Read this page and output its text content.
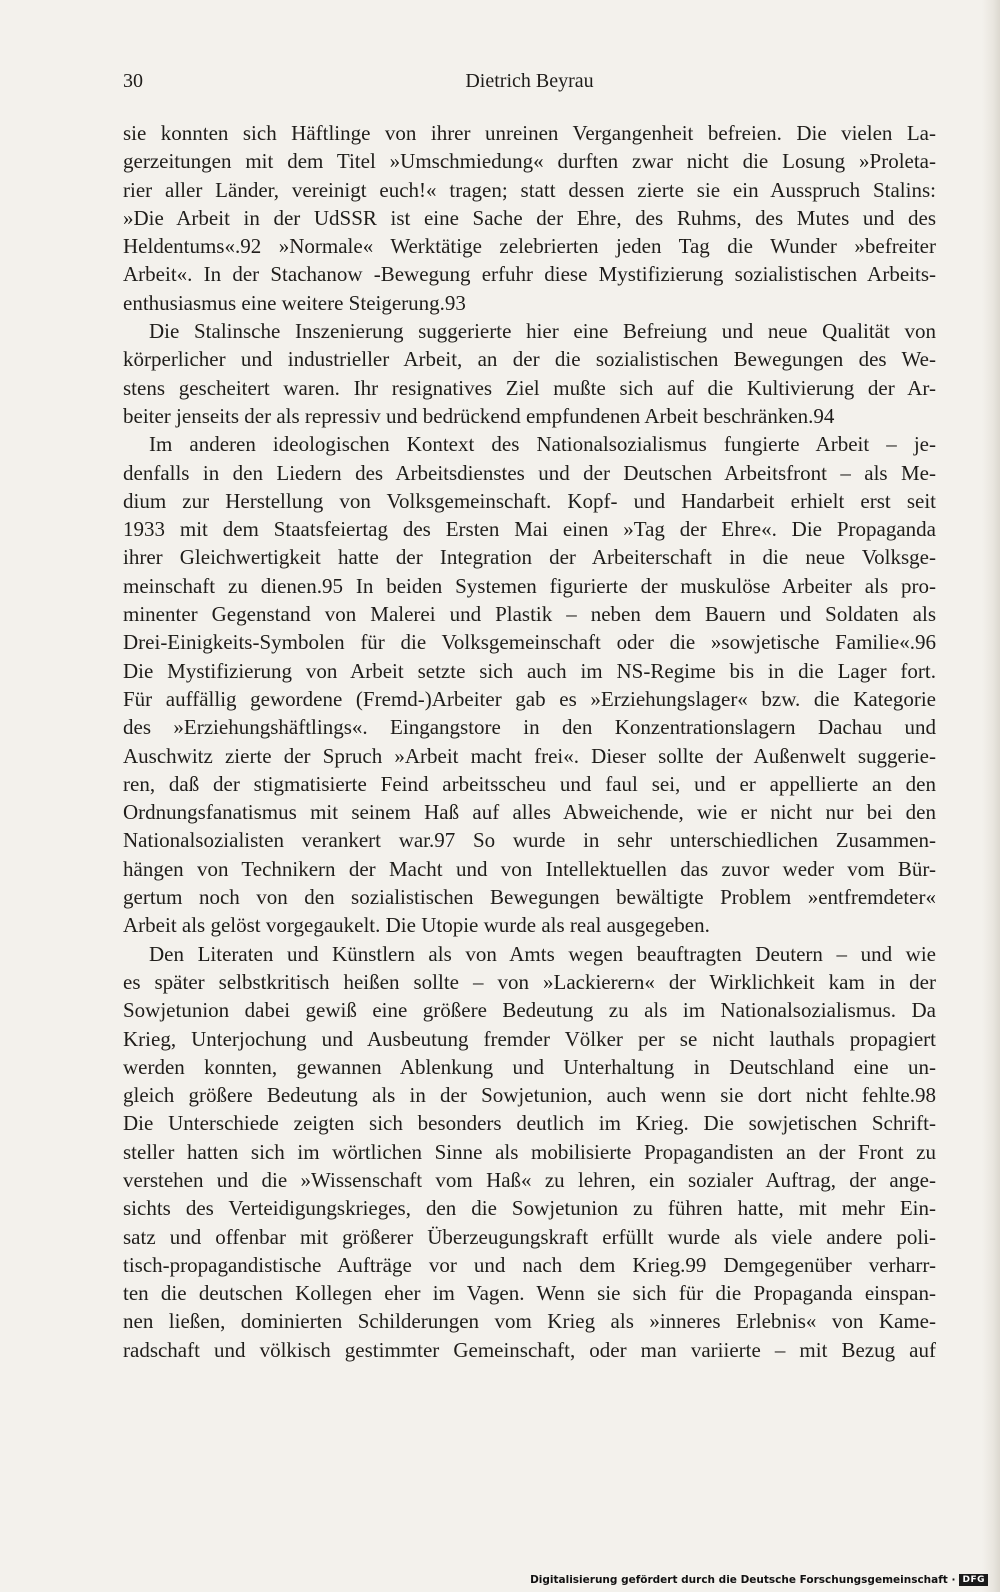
30	Dietrich Beyrau
sie konnten sich Häftlinge von ihrer unreinen Vergangenheit befreien. Die vielen La-
gerzeitungen mit dem Titel »Umschmiedung« durften zwar nicht die Losung »Proleta-
rier aller Länder, vereinigt euch!« tragen; statt dessen zierte sie ein Ausspruch Stalins:
»Die Arbeit in der UdSSR ist eine Sache der Ehre, des Ruhms, des Mutes und des
Heldentums«.92 »Normale« Werktätige zelebrierten jeden Tag die Wunder »befreiter
Arbeit«. In der Stachanow -Bewegung erfuhr diese Mystifizierung sozialistischen Arbeits-
enthusiasmus eine weitere Steigerung.93
Die Stalinsche Inszenierung suggerierte hier eine Befreiung und neue Qualität von
körperlicher und industrieller Arbeit, an der die sozialistischen Bewegungen des We-
stens gescheitert waren. Ihr resignatives Ziel mußte sich auf die Kultivierung der Ar-
beiter jenseits der als repressiv und bedrückend empfundenen Arbeit beschränken.94
Im anderen ideologischen Kontext des Nationalsozialismus fungierte Arbeit – je-
denfalls in den Liedern des Arbeitsdienstes und der Deutschen Arbeitsfront – als Me-
dium zur Herstellung von Volksgemeinschaft. Kopf- und Handarbeit erhielt erst seit
1933 mit dem Staatsfeiertag des Ersten Mai einen »Tag der Ehre«. Die Propaganda
ihrer Gleichwertigkeit hatte der Integration der Arbeiterschaft in die neue Volksge-
meinschaft zu dienen.95 In beiden Systemen figurierte der muskulöse Arbeiter als pro-
minenter Gegenstand von Malerei und Plastik – neben dem Bauern und Soldaten als
Drei-Einigkeits-Symbolen für die Volksgemeinschaft oder die »sowjetische Familie«.96
Die Mystifizierung von Arbeit setzte sich auch im NS-Regime bis in die Lager fort.
Für auffällig gewordene (Fremd-)Arbeiter gab es »Erziehungslager« bzw. die Kategorie
des »Erziehungshäftlings«. Eingangstore in den Konzentrationslagern Dachau und
Auschwitz zierte der Spruch »Arbeit macht frei«. Dieser sollte der Außenwelt suggerie-
ren, daß der stigmatisierte Feind arbeitsscheu und faul sei, und er appellierte an den
Ordnungsfanatismus mit seinem Haß auf alles Abweichende, wie er nicht nur bei den
Nationalsozialisten verankert war.97 So wurde in sehr unterschiedlichen Zusammen-
hängen von Technikern der Macht und von Intellektuellen das zuvor weder vom Bür-
gertum noch von den sozialistischen Bewegungen bewältigte Problem »entfremdeter«
Arbeit als gelöst vorgegaukelt. Die Utopie wurde als real ausgegeben.
Den Literaten und Künstlern als von Amts wegen beauftragten Deutern – und wie
es später selbstkritisch heißen sollte – von »Lackierern« der Wirklichkeit kam in der
Sowjetunion dabei gewiß eine größere Bedeutung zu als im Nationalsozialismus. Da
Krieg, Unterjochung und Ausbeutung fremder Völker per se nicht lauthals propagiert
werden konnten, gewannen Ablenkung und Unterhaltung in Deutschland eine un-
gleich größere Bedeutung als in der Sowjetunion, auch wenn sie dort nicht fehlte.98
Die Unterschiede zeigten sich besonders deutlich im Krieg. Die sowjetischen Schrift-
steller hatten sich im wörtlichen Sinne als mobilisierte Propagandisten an der Front zu
verstehen und die »Wissenschaft vom Haß« zu lehren, ein sozialer Auftrag, der ange-
sichts des Verteidigungskrieges, den die Sowjetunion zu führen hatte, mit mehr Ein-
satz und offenbar mit größerer Überzeugungskraft erfüllt wurde als viele andere poli-
tisch-propagandistische Aufträge vor und nach dem Krieg.99 Demgegenüber verharr-
ten die deutschen Kollegen eher im Vagen. Wenn sie sich für die Propaganda einspan-
nen ließen, dominierten Schilderungen vom Krieg als »inneres Erlebnis« von Kame-
radschaft und völkisch gestimmter Gemeinschaft, oder man variierte – mit Bezug auf
Digitalisierung gefördert durch die Deutsche Forschungsgemeinschaft · DFG
